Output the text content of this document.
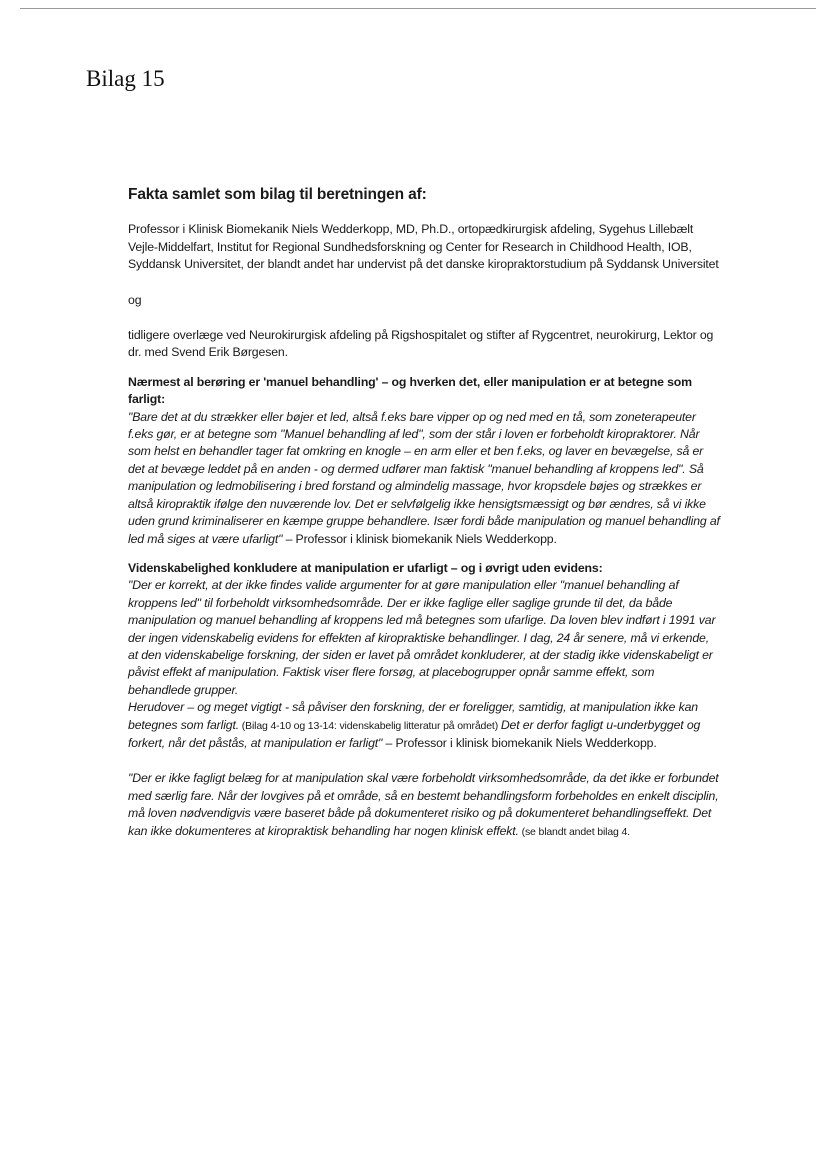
Bilag 15

Fakta samlet som bilag til beretningen af:

Professor i Klinisk Biomekanik Niels Wedderkopp, MD, Ph.D., ortopædkirurgisk afdeling, Sygehus Lillebælt Vejle-Middelfart, Institut for Regional Sundhedsforskning og Center for Research in Childhood Health, IOB, Syddansk Universitet, der blandt andet har undervist på det danske kiropraktorstudium på Syddansk Universitet

og

tidligere overlæge ved Neurokirurgisk afdeling på Rigshospitalet og stifter af Rygcentret, neurokirurg, Lektor og dr. med Svend Erik Børgesen.

Nærmest al berøring er 'manuel behandling' – og hverken det, eller manipulation er at betegne som farligt:

"Bare det at du strækker eller bøjer et led, altså f.eks bare vipper op og ned med en tå, som zoneterapeuter f.eks gør, er at betegne som "Manuel behandling af led", som der står i loven er forbeholdt kiropraktorer. Når som helst en behandler tager fat omkring en knogle – en arm eller et ben f.eks, og laver en bevægelse, så er det at bevæge leddet på en anden - og dermed udfører man faktisk "manuel behandling af kroppens led". Så manipulation og ledmobilisering i bred forstand og almindelig massage, hvor kropsdele bøjes og strækkes er altså kiropraktik ifølge den nuværende lov. Det er selvfølgelig ikke hensigtsmæssigt og bør ændres, så vi ikke uden grund kriminaliserer en kæmpe gruppe behandlere. Især fordi både manipulation og manuel behandling af led må siges at være ufarligt" – Professor i klinisk biomekanik Niels Wedderkopp.

Videnskabelighed konkludere at manipulation er ufarligt – og i øvrigt uden evidens:

"Der er korrekt, at der ikke findes valide argumenter for at gøre manipulation eller "manuel behandling af kroppens led" til forbeholdt virksomhedsområde. Der er ikke faglige eller saglige grunde til det, da både manipulation og manuel behandling af kroppens led må betegnes som ufarlige. Da loven blev indført i 1991 var der ingen videnskabelig evidens for effekten af kiropraktiske behandlinger. I dag, 24 år senere, må vi erkende, at den videnskabelige forskning, der siden er lavet på området konkluderer, at der stadig ikke videnskabeligt er påvist effekt af manipulation. Faktisk viser flere forsøg, at placebogrupper opnår samme effekt, som behandlede grupper.

Herudover – og meget vigtigt - så påviser den forskning, der er foreligger, samtidig, at manipulation ikke kan betegnes som farligt. (Bilag 4-10 og 13-14: videnskabelig litteratur på området) Det er derfor fagligt u-underbygget og forkert, når det påstås, at manipulation er farligt" – Professor i klinisk biomekanik Niels Wedderkopp.

"Der er ikke fagligt belæg for at manipulation skal være forbeholdt virksomhedsområde, da det ikke er forbundet med særlig fare. Når der lovgives på et område, så en bestemt behandlingsform forbeholdes en enkelt disciplin, må loven nødvendigvis være baseret både på dokumenteret risiko og på dokumenteret behandlingseffekt. Det kan ikke dokumenteres at kiropraktisk behandling har nogen klinisk effekt. (se blandt andet bilag 4.
